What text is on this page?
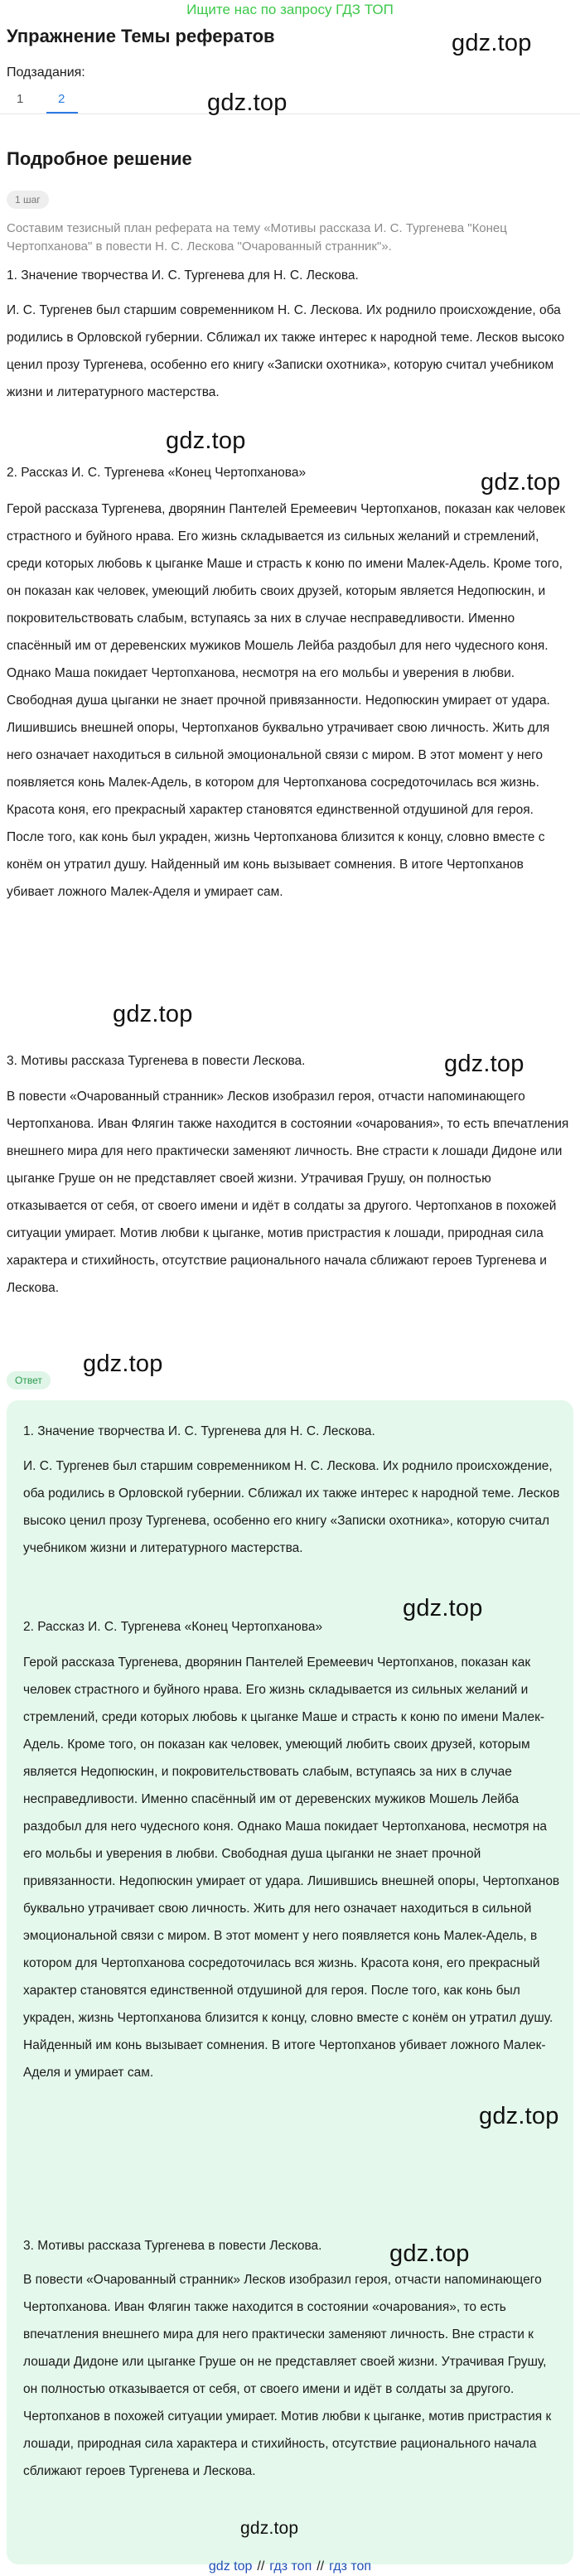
Ищите нас по запросу ГДЗ ТОП
Упражнение Темы рефератов
Подзадания:
1	2
Подробное решение
1 шаг

Составим тезисный план реферата на тему «Мотивы рассказа И. С. Тургенева "Конец Чертопханова" в повести Н. С. Лескова "Очарованный странник"».

1. Значение творчества И. С. Тургенева для Н. С. Лескова.

И. С. Тургенев был старшим современником Н. С. Лескова. Их роднило происхождение, оба родились в Орловской губернии. Сближал их также интерес к народной теме. Лесков высоко ценил прозу Тургенева, особенно его книгу «Записки охотника», которую считал учебником жизни и литературного мастерства.

2. Рассказ И. С. Тургенева «Конец Чертопханова»

Герой рассказа Тургенева, дворянин Пантелей Еремеевич Чертопханов, показан как человек страстного и буйного нрава. Его жизнь складывается из сильных желаний и стремлений, среди которых любовь к цыганке Маше и страсть к коню по имени Малек-Адель. Кроме того, он показан как человек, умеющий любить своих друзей, которым является Недопюскин, и покровительствовать слабым, вступаясь за них в случае несправедливости. Именно спасённый им от деревенских мужиков Мошель Лейба раздобыл для него чудесного коня. Однако Маша покидает Чертопханова, несмотря на его мольбы и уверения в любви. Свободная душа цыганки не знает прочной привязанности. Недопюскин умирает от удара. Лишившись внешней опоры, Чертопханов буквально утрачивает свою личность. Жить для него означает находиться в сильной эмоциональной связи с миром. В этот момент у него появляется конь Малек-Адель, в котором для Чертопханова сосредоточилась вся жизнь. Красота коня, его прекрасный характер становятся единственной отдушиной для героя. После того, как конь был украден, жизнь Чертопханова близится к концу, словно вместе с конём он утратил душу. Найденный им конь вызывает сомнения. В итоге Чертопханов убивает ложного Малек-Аделя и умирает сам.

3. Мотивы рассказа Тургенева в повести Лескова.

В повести «Очарованный странник» Лесков изобразил героя, отчасти напоминающего Чертопханова. Иван Флягин также находится в состоянии «очарования», то есть впечатления внешнего мира для него практически заменяют личность. Вне страсти к лошади Дидоне или цыганке Груше он не представляет своей жизни. Утрачивая Грушу, он полностью отказывается от себя, от своего имени и идёт в солдаты за другого. Чертопханов в похожей ситуации умирает. Мотив любви к цыганке, мотив пристрастия к лошади, природная сила характера и стихийность, отсутствие рационального начала сближают героев Тургенева и Лескова.

Ответ

1. Значение творчества И. С. Тургенева для Н. С. Лескова.

И. С. Тургенев был старшим современником Н. С. Лескова. Их роднило происхождение, оба родились в Орловской губернии. Сближал их также интерес к народной теме. Лесков высоко ценил прозу Тургенева, особенно его книгу «Записки охотника», которую считал учебником жизни и литературного мастерства.

2. Рассказ И. С. Тургенева «Конец Чертопханова»

Герой рассказа Тургенева, дворянин Пантелей Еремеевич Чертопханов, показан как человек страстного и буйного нрава. Его жизнь складывается из сильных желаний и стремлений, среди которых любовь к цыганке Маше и страсть к коню по имени Малек-Адель. Кроме того, он показан как человек, умеющий любить своих друзей, которым является Недопюскин, и покровительствовать слабым, вступаясь за них в случае несправедливости. Именно спасённый им от деревенских мужиков Мошель Лейба раздобыл для него чудесного коня. Однако Маша покидает Чертопханова, несмотря на его мольбы и уверения в любви. Свободная душа цыганки не знает прочной привязанности. Недопюскин умирает от удара. Лишившись внешней опоры, Чертопханов буквально утрачивает свою личность. Жить для него означает находиться в сильной эмоциональной связи с миром. В этот момент у него появляется конь Малек-Адель, в котором для Чертопханова сосредоточилась вся жизнь. Красота коня, его прекрасный характер становятся единственной отдушиной для героя. После того, как конь был украден, жизнь Чертопханова близится к концу, словно вместе с конём он утратил душу. Найденный им конь вызывает сомнения. В итоге Чертопханов убивает ложного Малек-Аделя и умирает сам.

3. Мотивы рассказа Тургенева в повести Лескова.

В повести «Очарованный странник» Лесков изобразил героя, отчасти напоминающего Чертопханова. Иван Флягин также находится в состоянии «очарования», то есть впечатления внешнего мира для него практически заменяют личность. Вне страсти к лошади Дидоне или цыганке Груше он не представляет своей жизни. Утрачивая Грушу, он полностью отказывается от себя, от своего имени и идёт в солдаты за другого. Чертопханов в похожей ситуации умирает. Мотив любви к цыганке, мотив пристрастия к лошади, природная сила характера и стихийность, отсутствие рационального начала сближают героев Тургенева и Лескова.

gdz.top
gdz.top
gdz.top
gdz.top
gdz.top
gdz.top
gdz.top
gdz.top
gdz.top
gdz.top
gdz.top
gdz top // гдз топ // гдз топ
